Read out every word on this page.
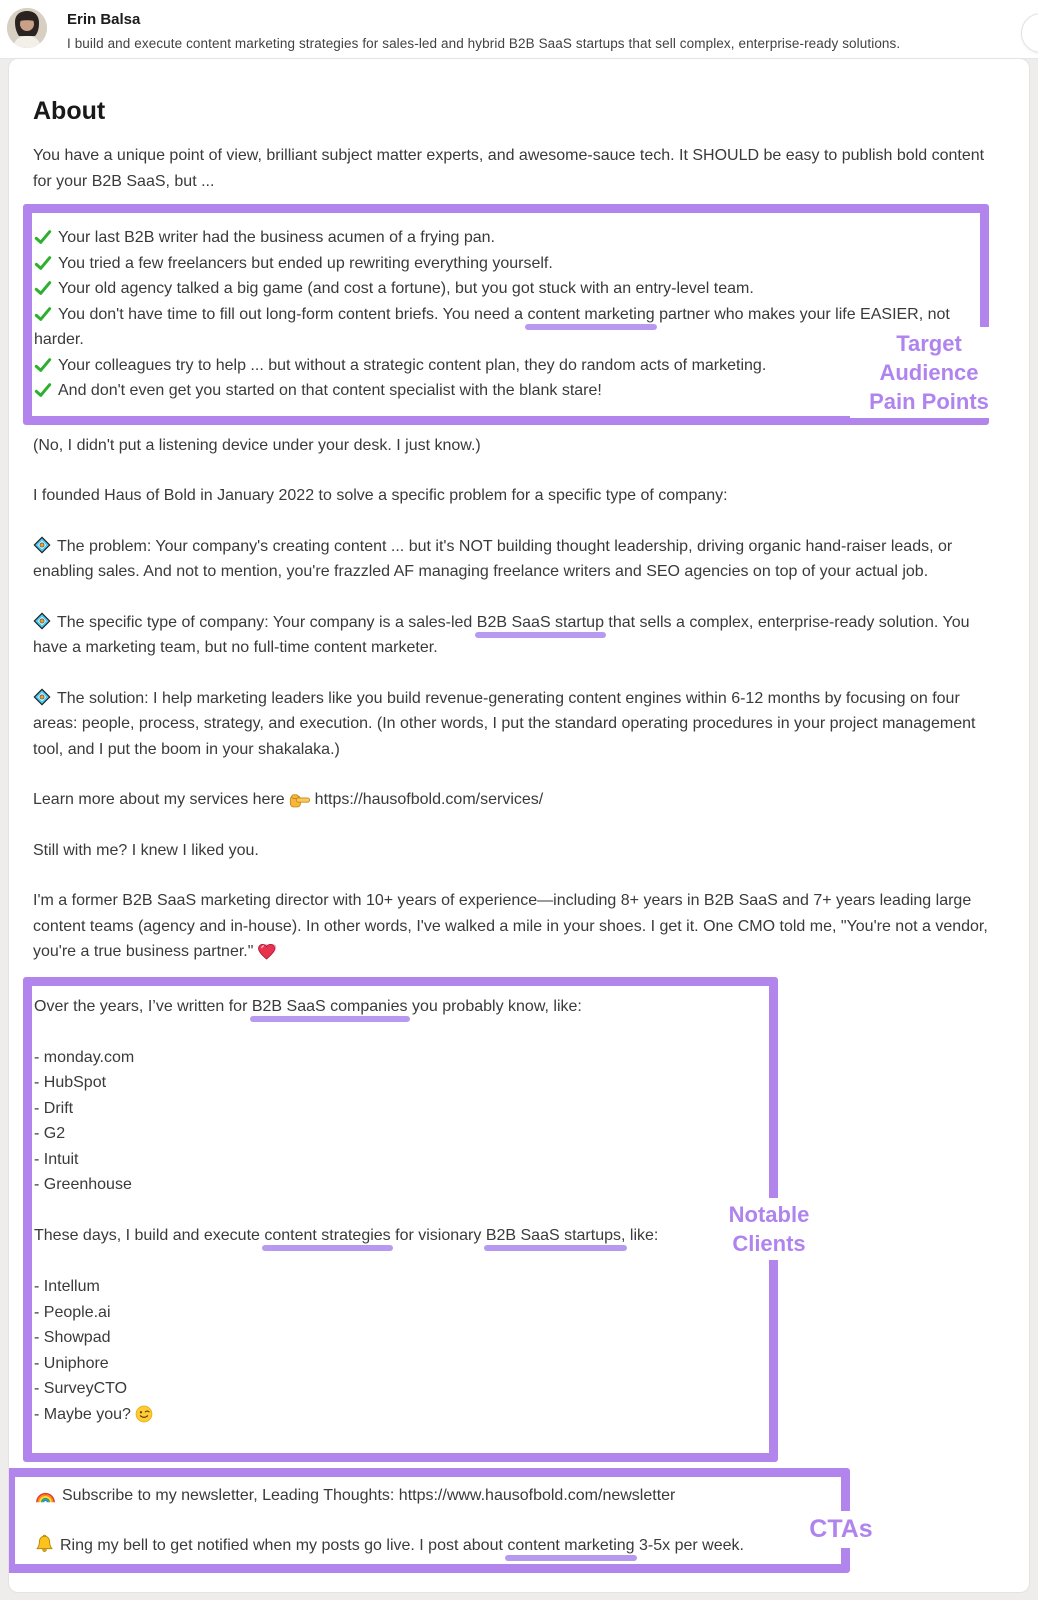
Erin Balsa
I build and execute content marketing strategies for sales-led and hybrid B2B SaaS startups that sell complex, enterprise-ready solutions.
About

You have a unique point of view, brilliant subject matter experts, and awesome-sauce tech. It SHOULD be easy to publish bold content for your B2B SaaS, but ...

Your last B2B writer had the business acumen of a frying pan.
You tried a few freelancers but ended up rewriting everything yourself.
Your old agency talked a big game (and cost a fortune), but you got stuck with an entry-level team.
You don't have time to fill out long-form content briefs. You need a content marketing partner who makes your life EASIER, not harder.
Your colleagues try to help ... but without a strategic content plan, they do random acts of marketing.
And don't even get you started on that content specialist with the blank stare!
Target
Audience
Pain Points

(No, I didn't put a listening device under your desk. I just know.)

I founded Haus of Bold in January 2022 to solve a specific problem for a specific type of company:

The problem: Your company's creating content ... but it's NOT building thought leadership, driving organic hand-raiser leads, or enabling sales. And not to mention, you're frazzled AF managing freelance writers and SEO agencies on top of your actual job.

The specific type of company: Your company is a sales-led B2B SaaS startup that sells a complex, enterprise-ready solution. You have a marketing team, but no full-time content marketer.

The solution: I help marketing leaders like you build revenue-generating content engines within 6-12 months by focusing on four areas: people, process, strategy, and execution. (In other words, I put the standard operating procedures in your project management tool, and I put the boom in your shakalaka.)

Learn more about my services here https://hausofbold.com/services/

Still with me? I knew I liked you.

I'm a former B2B SaaS marketing director with 10+ years of experience—including 8+ years in B2B SaaS and 7+ years leading large content teams (agency and in-house). In other words, I've walked a mile in your shoes. I get it. One CMO told me, "You're not a vendor, you're a true business partner."

Over the years, I’ve written for B2B SaaS companies you probably know, like:
- monday.com
- HubSpot
- Drift
- G2
- Intuit
- Greenhouse
These days, I build and execute content strategies for visionary B2B SaaS startups, like:
- Intellum
- People.ai
- Showpad
- Uniphore
- SurveyCTO
- Maybe you?
Notable
Clients
Subscribe to my newsletter, Leading Thoughts: https://www.hausofbold.com/newsletter
Ring my bell to get notified when my posts go live. I post about content marketing 3-5x per week.
CTAs
